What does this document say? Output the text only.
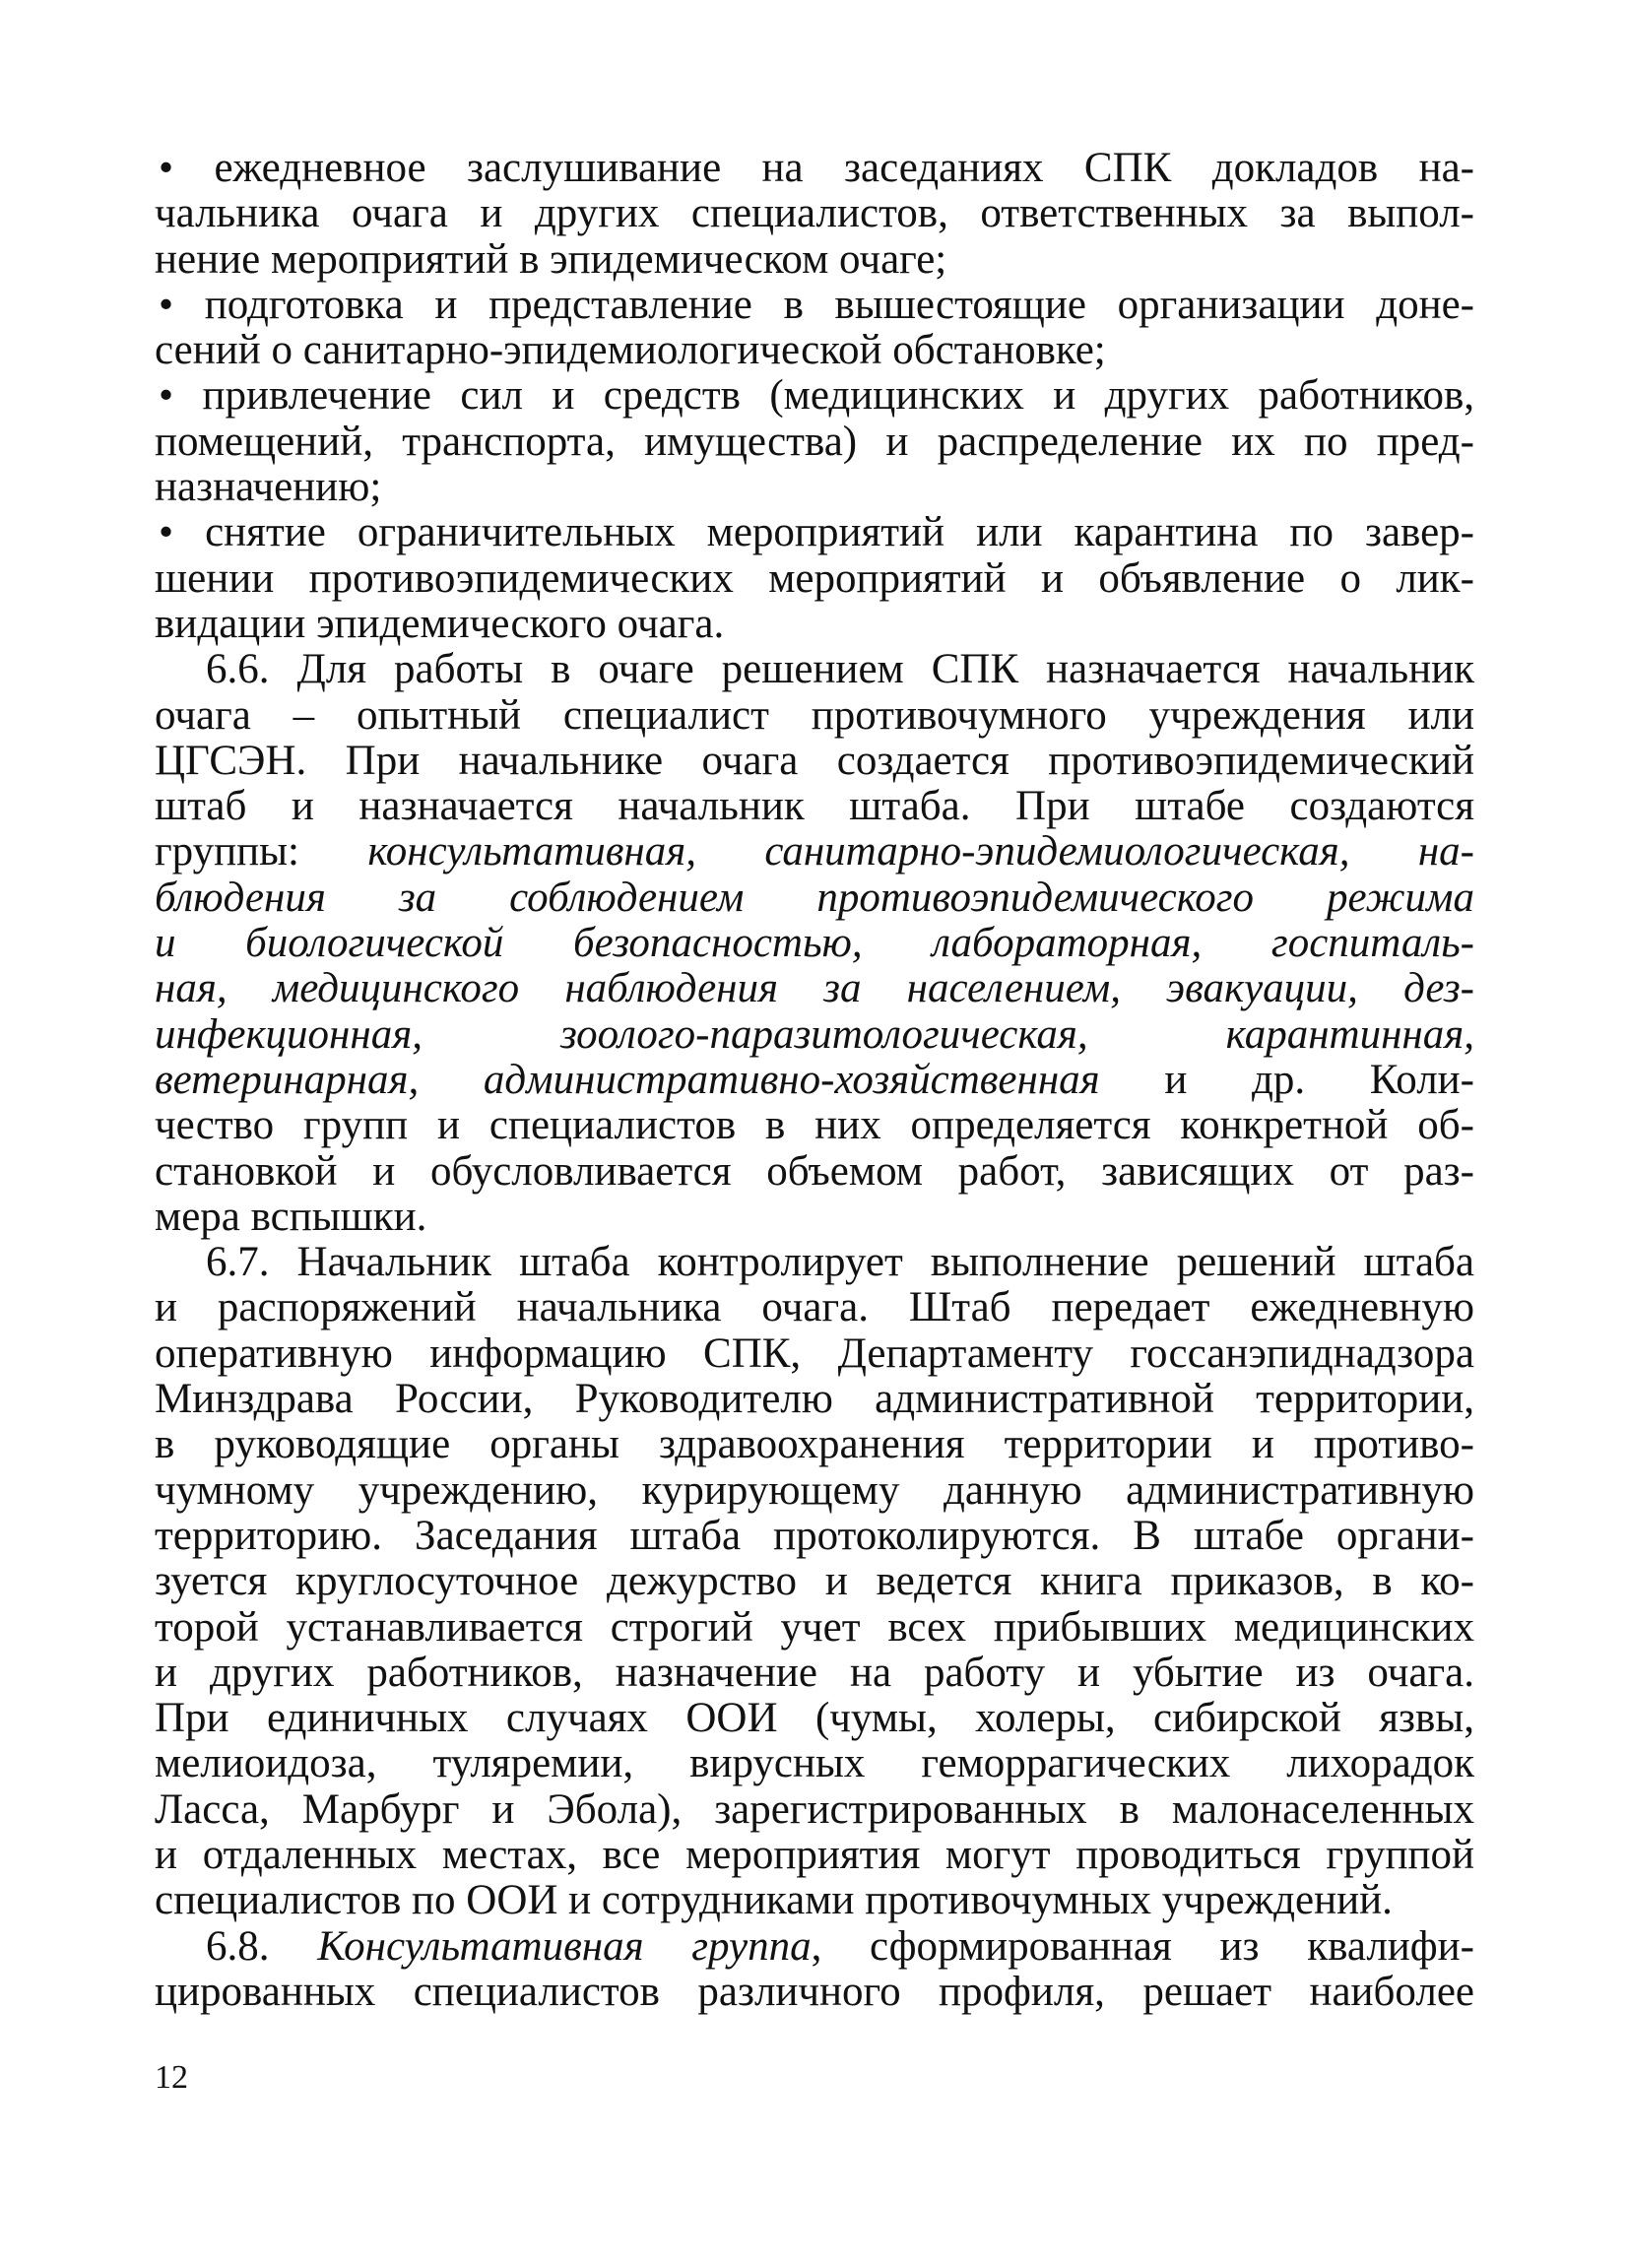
• ежедневное заслушивание на заседаниях СПК докладов на-
чальника очага и других специалистов, ответственных за выпол-
нение мероприятий в эпидемическом очаге;
• подготовка и представление в вышестоящие организации доне-
сений о санитарно-эпидемиологической обстановке;
• привлечение сил и средств (медицинских и других работников,
помещений, транспорта, имущества) и распределение их по пред-
назначению;
• снятие ограничительных мероприятий или карантина по завер-
шении противоэпидемических мероприятий и объявление о лик-
видации эпидемического очага.
6.6. Для работы в очаге решением СПК назначается начальник
очага – опытный специалист противочумного учреждения или
ЦГСЭН. При начальнике очага создается противоэпидемический
штаб и назначается начальник штаба. При штабе создаются
группы: консультативная, санитарно-эпидемиологическая, на-
блюдения за соблюдением противоэпидемического режима
и биологической безопасностью, лабораторная, госпиталь-
ная, медицинского наблюдения за населением, эвакуации, дез-
инфекционная, зоолого-паразитологическая, карантинная,
ветеринарная, административно-хозяйственная и др. Коли-
чество групп и специалистов в них определяется конкретной об-
становкой и обусловливается объемом работ, зависящих от раз-
мера вспышки.
6.7. Начальник штаба контролирует выполнение решений штаба
и распоряжений начальника очага. Штаб передает ежедневную
оперативную информацию СПК, Департаменту госсанэпиднадзора
Минздрава России, Руководителю административной территории,
в руководящие органы здравоохранения территории и противо-
чумному учреждению, курирующему данную административную
территорию. Заседания штаба протоколируются. В штабе органи-
зуется круглосуточное дежурство и ведется книга приказов, в ко-
торой устанавливается строгий учет всех прибывших медицинских
и других работников, назначение на работу и убытие из очага.
При единичных случаях ООИ (чумы, холеры, сибирской язвы,
мелиоидоза, туляремии, вирусных геморрагических лихорадок
Ласса, Марбург и Эбола), зарегистрированных в малонаселенных
и отдаленных местах, все мероприятия могут проводиться группой
специалистов по ООИ и сотрудниками противочумных учреждений.
6.8. Консультативная группа, сформированная из квалифи-
цированных специалистов различного профиля, решает наиболее
12
